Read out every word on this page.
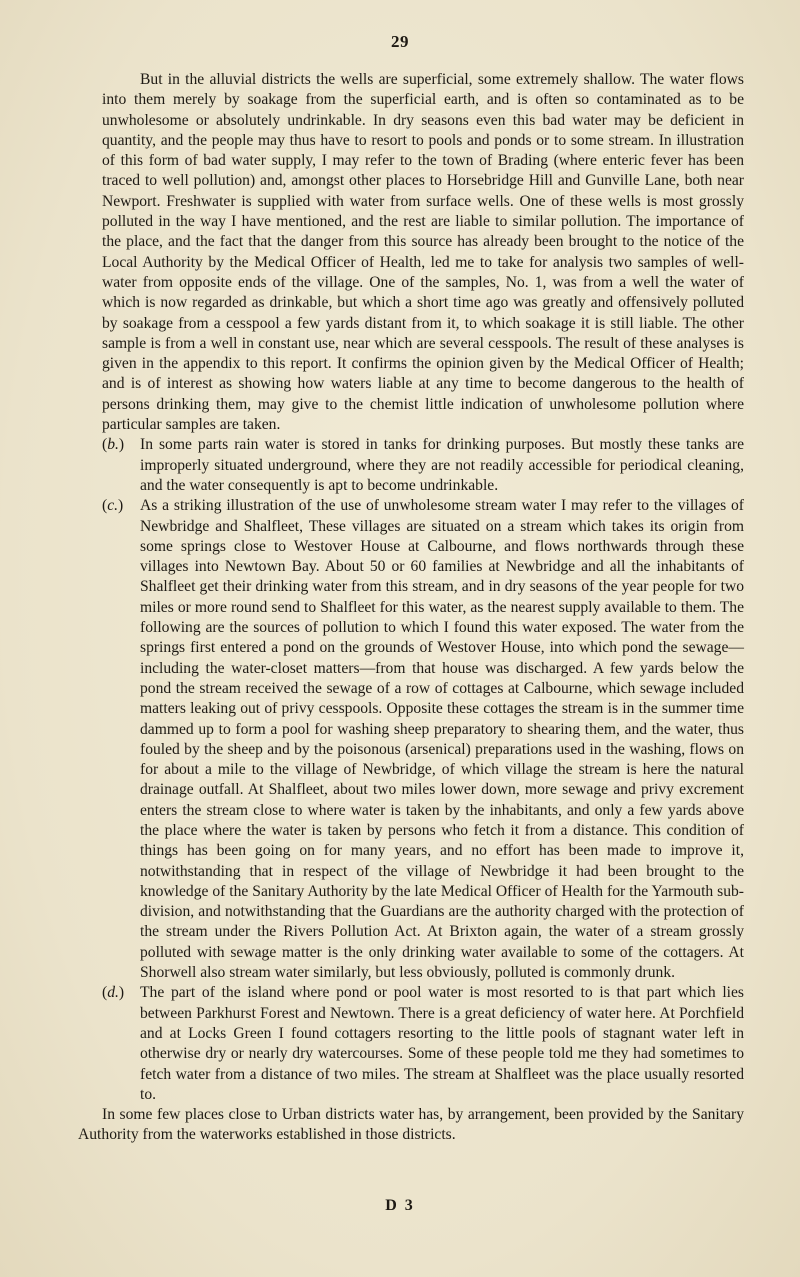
29

But in the alluvial districts the wells are superficial, some extremely shallow. The water flows into them merely by soakage from the superficial earth, and is often so contaminated as to be unwholesome or absolutely undrinkable. In dry seasons even this bad water may be deficient in quantity, and the people may thus have to resort to pools and ponds or to some stream. In illustration of this form of bad water supply, I may refer to the town of Brading (where enteric fever has been traced to well pollution) and, amongst other places to Horsebridge Hill and Gunville Lane, both near Newport. Freshwater is supplied with water from surface wells. One of these wells is most grossly polluted in the way I have mentioned, and the rest are liable to similar pollution. The importance of the place, and the fact that the danger from this source has already been brought to the notice of the Local Authority by the Medical Officer of Health, led me to take for analysis two samples of well-water from opposite ends of the village. One of the samples, No. 1, was from a well the water of which is now regarded as drinkable, but which a short time ago was greatly and offensively polluted by soakage from a cesspool a few yards distant from it, to which soakage it is still liable. The other sample is from a well in constant use, near which are several cesspools. The result of these analyses is given in the appendix to this report. It confirms the opinion given by the Medical Officer of Health; and is of interest as showing how waters liable at any time to become dangerous to the health of persons drinking them, may give to the chemist little indication of unwholesome pollution where particular samples are taken.

(b.) In some parts rain water is stored in tanks for drinking purposes. But mostly these tanks are improperly situated underground, where they are not readily accessible for periodical cleaning, and the water consequently is apt to become undrinkable.

(c.) As a striking illustration of the use of unwholesome stream water I may refer to the villages of Newbridge and Shalfleet, These villages are situated on a stream which takes its origin from some springs close to Westover House at Calbourne, and flows northwards through these villages into Newtown Bay. About 50 or 60 families at Newbridge and all the inhabitants of Shalfleet get their drinking water from this stream, and in dry seasons of the year people for two miles or more round send to Shalfleet for this water, as the nearest supply available to them. The following are the sources of pollution to which I found this water exposed. The water from the springs first entered a pond on the grounds of Westover House, into which pond the sewage—including the water-closet matters—from that house was discharged. A few yards below the pond the stream received the sewage of a row of cottages at Calbourne, which sewage included matters leaking out of privy cesspools. Opposite these cottages the stream is in the summer time dammed up to form a pool for washing sheep preparatory to shearing them, and the water, thus fouled by the sheep and by the poisonous (arsenical) preparations used in the washing, flows on for about a mile to the village of Newbridge, of which village the stream is here the natural drainage outfall. At Shalfleet, about two miles lower down, more sewage and privy excrement enters the stream close to where water is taken by the inhabitants, and only a few yards above the place where the water is taken by persons who fetch it from a distance. This condition of things has been going on for many years, and no effort has been made to improve it, notwithstanding that in respect of the village of Newbridge it had been brought to the knowledge of the Sanitary Authority by the late Medical Officer of Health for the Yarmouth sub-division, and notwithstanding that the Guardians are the authority charged with the protection of the stream under the Rivers Pollution Act. At Brixton again, the water of a stream grossly polluted with sewage matter is the only drinking water available to some of the cottagers. At Shorwell also stream water similarly, but less obviously, polluted is commonly drunk.

(d.) The part of the island where pond or pool water is most resorted to is that part which lies between Parkhurst Forest and Newtown. There is a great deficiency of water here. At Porchfield and at Locks Green I found cottagers resorting to the little pools of stagnant water left in otherwise dry or nearly dry watercourses. Some of these people told me they had sometimes to fetch water from a distance of two miles. The stream at Shalfleet was the place usually resorted to.

In some few places close to Urban districts water has, by arrangement, been provided by the Sanitary Authority from the waterworks established in those districts.

D 3
